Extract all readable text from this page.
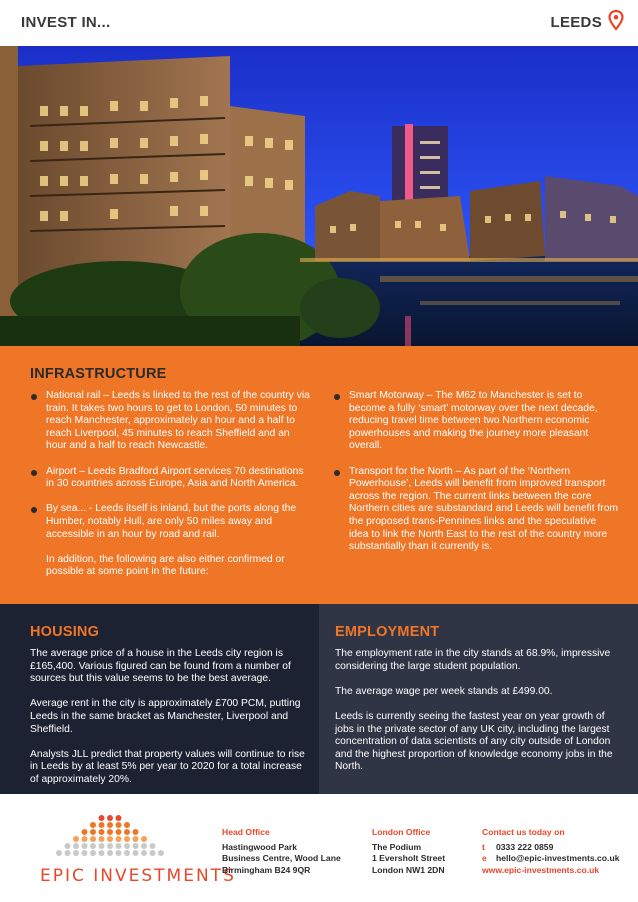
INVEST IN...	LEEDS
INFRASTRUCTURE
National rail – Leeds is linked to the rest of the country via train. It takes two hours to get to London, 50 minutes to reach Manchester, approximately an hour and a half to reach Liverpool, 45 minutes to reach Sheffield and an hour and a half to reach Newcastle.
Airport – Leeds Bradford Airport services 70 destinations in 30 countries across Europe, Asia and North America.
By sea... - Leeds itself is inland, but the ports along the Humber, notably Hull, are only 50 miles away and accessible in an hour by road and rail.
In addition, the following are also either confirmed or possible at some point in the future:
Smart Motorway – The M62 to Manchester is set to become a fully ‘smart’ motorway over the next decade, reducing travel time between two Northern economic powerhouses and making the journey more pleasant overall.
Transport for the North – As part of the ‘Northern Powerhouse’, Leeds will benefit from improved transport across the region. The current links between the core Northern cities are substandard and Leeds will benefit from the proposed trans-Pennines links and the speculative idea to link the North East to the rest of the country more substantially than it currently is.
HOUSING

The average price of a house in the Leeds city region is £165,400. Various figured can be found from a number of sources but this value seems to be the best average.

Average rent in the city is approximately £700 PCM, putting Leeds in the same bracket as Manchester, Liverpool and Sheffield.

Analysts JLL predict that property values will continue to rise in Leeds by at least 5% per year to 2020 for a total increase of approximately 20%.

EMPLOYMENT

The employment rate in the city stands at 68.9%, impressive considering the large student population.

The average wage per week stands at £499.00.

Leeds is currently seeing the fastest year on year growth of jobs in the private sector of any UK city, including the largest concentration of data scientists of any city outside of London and the highest proportion of knowledge economy jobs in the North.

EPIC INVESTMENTS
Head Office
Hastingwood Park
Business Centre, Wood Lane
Birmingham B24 9QR
London Office
The Podium
1 Eversholt Street
London NW1 2DN
Contact us today on
t 0333 222 0859
e hello@epic-investments.co.uk
www.epic-investments.co.uk
